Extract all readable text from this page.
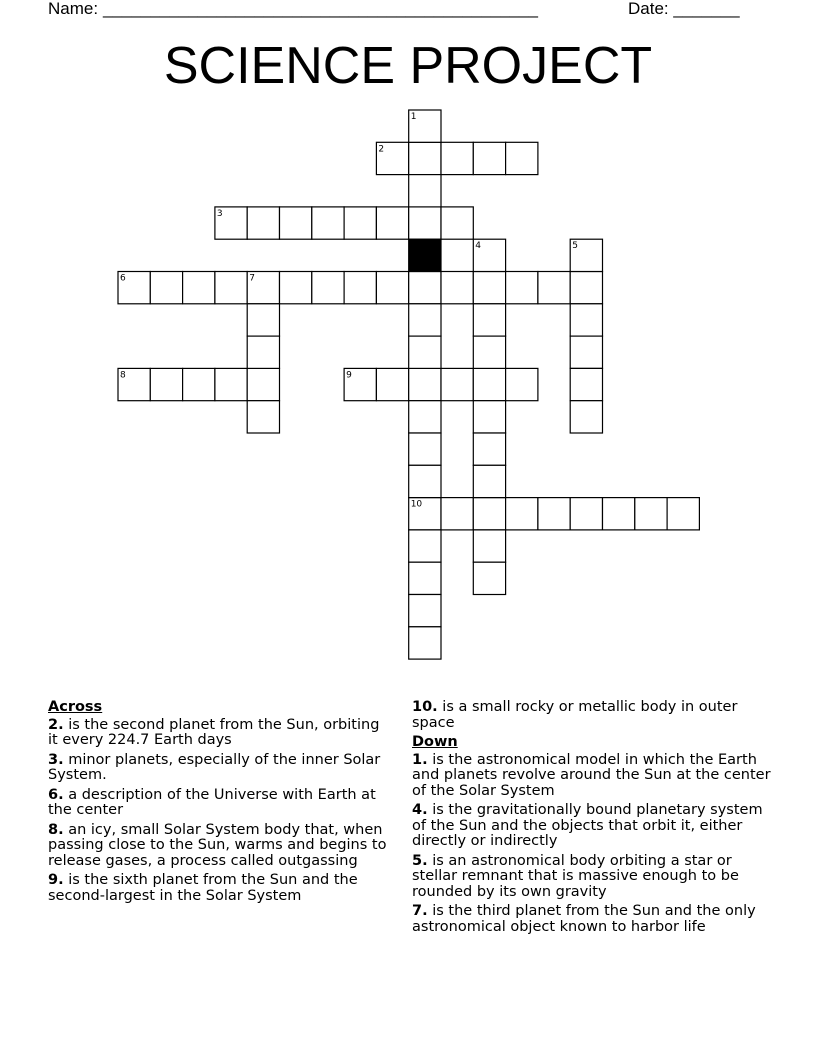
Name: ______________________________________________	Date: _______
SCIENCE PROJECT
1
2
3
4	5
6	7
8	9
10
Across
2. is the second planet from the Sun, orbiting it every 224.7 Earth days
3. minor planets, especially of the inner Solar System.
6. a description of the Universe with Earth at the center
8. an icy, small Solar System body that, when passing close to the Sun, warms and begins to release gases, a process called outgassing
9. is the sixth planet from the Sun and the second-largest in the Solar System
10. is a small rocky or metallic body in outer space
Down
1. is the astronomical model in which the Earth and planets revolve around the Sun at the center of the Solar System
4. is the gravitationally bound planetary system of the Sun and the objects that orbit it, either directly or indirectly
5. is an astronomical body orbiting a star or stellar remnant that is massive enough to be rounded by its own gravity
7. is the third planet from the Sun and the only astronomical object known to harbor life
